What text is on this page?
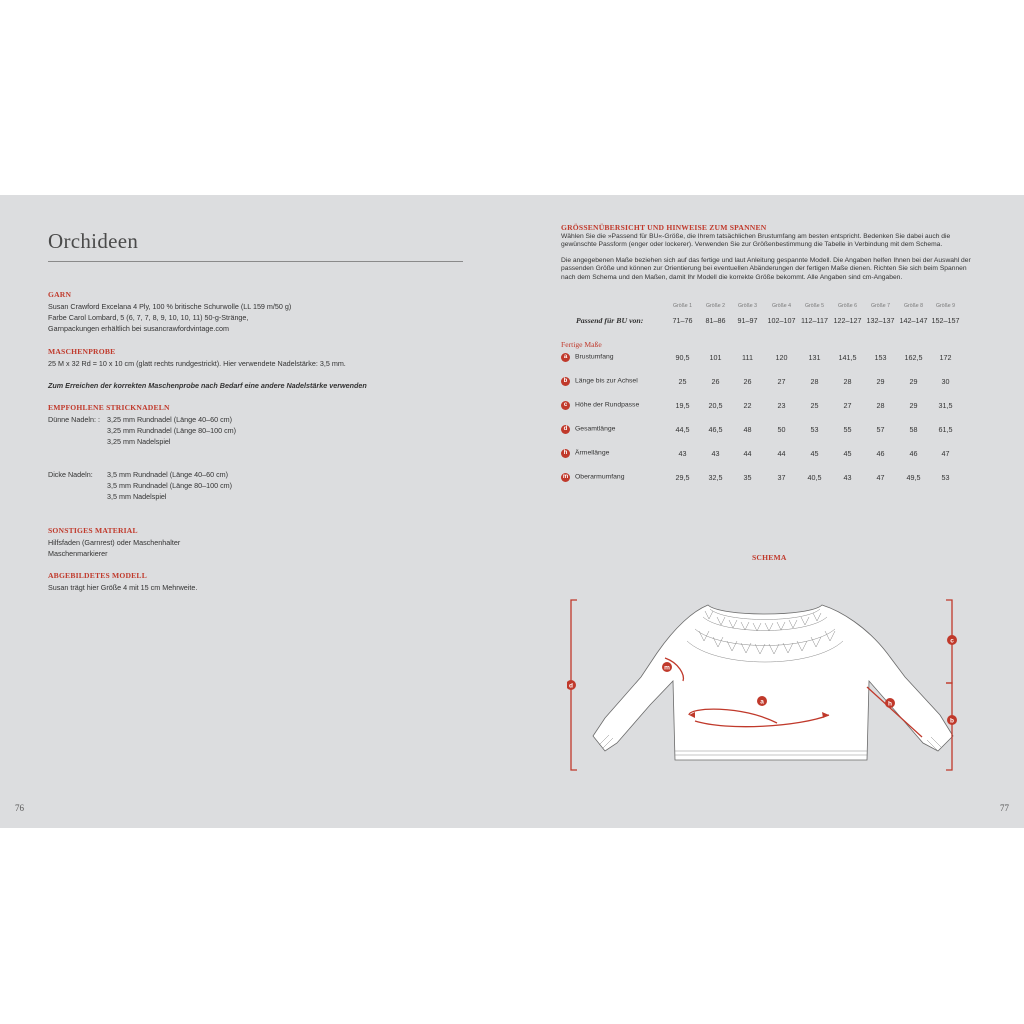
Orchideen
GARN
Susan Crawford Excelana 4 Ply, 100 % britische Schurwolle (LL 159 m/50 g)
Farbe Carol Lombard, 5 (6, 7, 7, 8, 9, 10, 10, 11) 50-g-Stränge,
Garnpackungen erhältlich bei susancrawfordvintage.com
MASCHENPROBE
25 M x 32 Rd = 10 x 10 cm (glatt rechts rundgestrickt). Hier verwendete Nadelstärke: 3,5 mm.
Zum Erreichen der korrekten Maschenprobe nach Bedarf eine andere Nadelstärke verwenden
EMPFOHLENE STRICKNADELN
Dünne Nadeln: : 3,25 mm Rundnadel (Länge 40–60 cm)
3,25 mm Rundnadel (Länge 80–100 cm)
3,25 mm Nadelspiel
Dicke Nadeln:	3,5 mm Rundnadel (Länge 40–60 cm)
3,5 mm Rundnadel (Länge 80–100 cm)
3,5 mm Nadelspiel
SONSTIGES MATERIAL
Hilfsfaden (Garnrest) oder Maschenhalter
Maschenmarkierer
ABGEBILDETES MODELL
Susan trägt hier Größe 4 mit 15 cm Mehrweite.
76
GRÖSSENÜBERSICHT UND HINWEISE ZUM SPANNEN
Wählen Sie die »Passend für BU«-Größe, die Ihrem tatsächlichen Brustumfang am besten entspricht. Bedenken Sie dabei auch die gewünschte Passform (enger oder lockerer). Verwenden Sie zur Größenbestimmung die Tabelle in Verbindung mit dem Schema.
Die angegebenen Maße beziehen sich auf das fertige und laut Anleitung gespannte Modell. Die Angaben helfen Ihnen bei der Auswahl der passenden Größe und können zur Orientierung bei eventuellen Abänderungen der fertigen Maße dienen. Richten Sie sich beim Spannen nach dem Schema und den Maßen, damit Ihr Modell die korrekte Größe bekommt. Alle Angaben sind cm-Angaben.
Größe 1	Größe 2	Größe 3	Größe 4	Größe 5	Größe 6	Größe 7	Größe 8	Größe 9
Passend für BU von:	71–76	81–86	91–97	102–107 112–117 122–127 132–137 142–147 152–157
Fertige Maße
a Brustumfang	90,5	101	111	120	131	141,5	153	162,5	172
b Länge bis zur Achsel	25	26	26	27	28	28	29	29	30
c Höhe der Rundpasse	19,5	20,5	22	23	25	27	28	29	31,5
d Gesamtlänge	44,5	46,5	48	50	53	55	57	58	61,5
h Ärmellänge	43	43	44	44	45	45	46	46	47
m Oberarmumfang	29,5	32,5	35	37	40,5	43	47	49,5	53
SCHEMA
d
c
b
a	h
m
77
